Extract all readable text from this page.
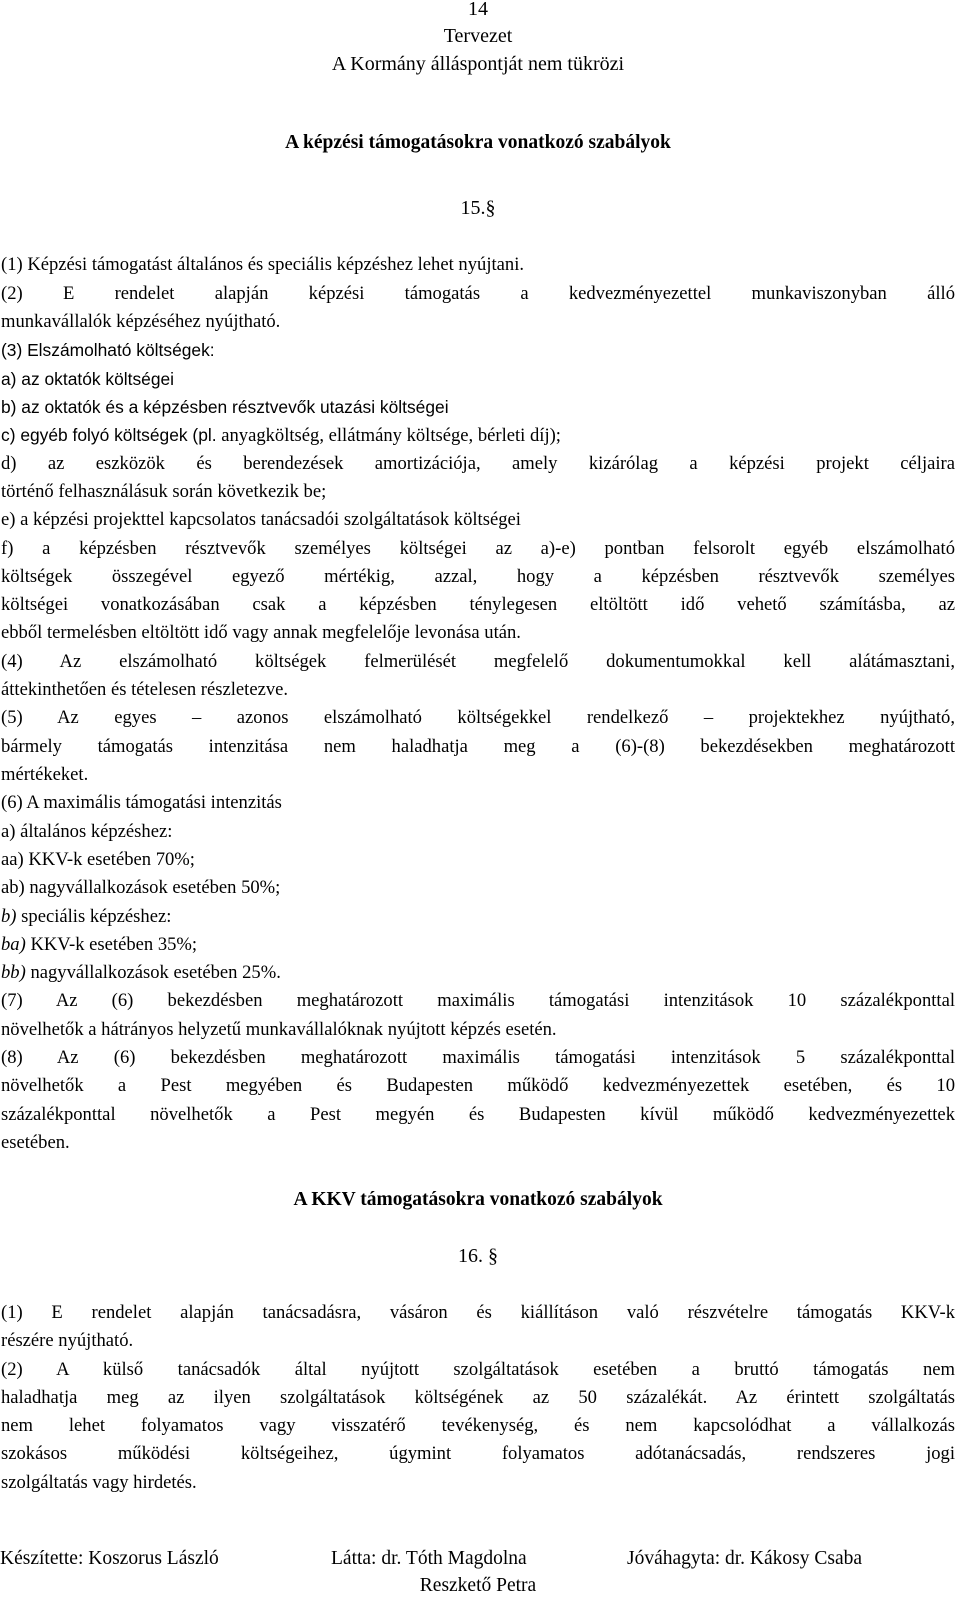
14

Tervezet

A Kormány álláspontját nem tükrözi

A képzési támogatásokra vonatkozó szabályok

15.§

(1) Képzési támogatást általános és speciális képzéshez lehet nyújtani.

(2) E rendelet alapján képzési támogatás a kedvezményezettel munkaviszonyban álló

munkavállalók képzéséhez nyújtható.

(3) Elszámolható költségek:

a) az oktatók költségei

b) az oktatók és a képzésben résztvevők utazási költségei

c) egyéb folyó költségek (pl. anyagköltség, ellátmány költsége, bérleti díj);

d) az eszközök és berendezések amortizációja, amely kizárólag a képzési projekt céljaira

történő felhasználásuk során következik be;

e) a képzési projekttel kapcsolatos tanácsadói szolgáltatások költségei

f) a képzésben résztvevők személyes költségei az a)-e) pontban felsorolt egyéb elszámolható

költségek összegével egyező mértékig, azzal, hogy a képzésben résztvevők személyes

költségei vonatkozásában csak a képzésben ténylegesen eltöltött idő vehető számításba, az

ebből termelésben eltöltött idő vagy annak megfelelője levonása után.

(4) Az elszámolható költségek felmerülését megfelelő dokumentumokkal kell alátámasztani,

áttekinthetően és tételesen részletezve.

(5) Az egyes – azonos elszámolható költségekkel rendelkező – projektekhez nyújtható,

bármely támogatás intenzitása nem haladhatja meg a (6)-(8) bekezdésekben meghatározott

mértékeket.

(6) A maximális támogatási intenzitás

a) általános képzéshez:

aa) KKV-k esetében 70%;

ab) nagyvállalkozások esetében 50%;

b) speciális képzéshez:

ba) KKV-k esetében 35%;

bb) nagyvállalkozások esetében 25%.

(7) Az (6) bekezdésben meghatározott maximális támogatási intenzitások 10 százalékponttal

növelhetők a hátrányos helyzetű munkavállalóknak nyújtott képzés esetén.

(8) Az (6) bekezdésben meghatározott maximális támogatási intenzitások 5 százalékponttal

növelhetők a Pest megyében és Budapesten működő kedvezményezettek esetében, és 10

százalékponttal növelhetők a Pest megyén és Budapesten kívül működő kedvezményezettek

esetében.

A KKV támogatásokra vonatkozó szabályok

16. §

(1) E rendelet alapján tanácsadásra, vásáron és kiállításon való részvételre támogatás KKV-k

részére nyújtható.

(2) A külső tanácsadók által nyújtott szolgáltatások esetében a bruttó támogatás nem

haladhatja meg az ilyen szolgáltatások költségének az 50 százalékát. Az érintett szolgáltatás

nem lehet folyamatos vagy visszatérő tevékenység, és nem kapcsolódhat a vállalkozás

szokásos működési költségeihez, úgymint folyamatos adótanácsadás, rendszeres jogi

szolgáltatás vagy hirdetés.

Készítette: Koszorus László	Látta: dr. Tóth Magdolna	Jóváhagyta: dr. Kákosy Csaba

Reszkető Petra
